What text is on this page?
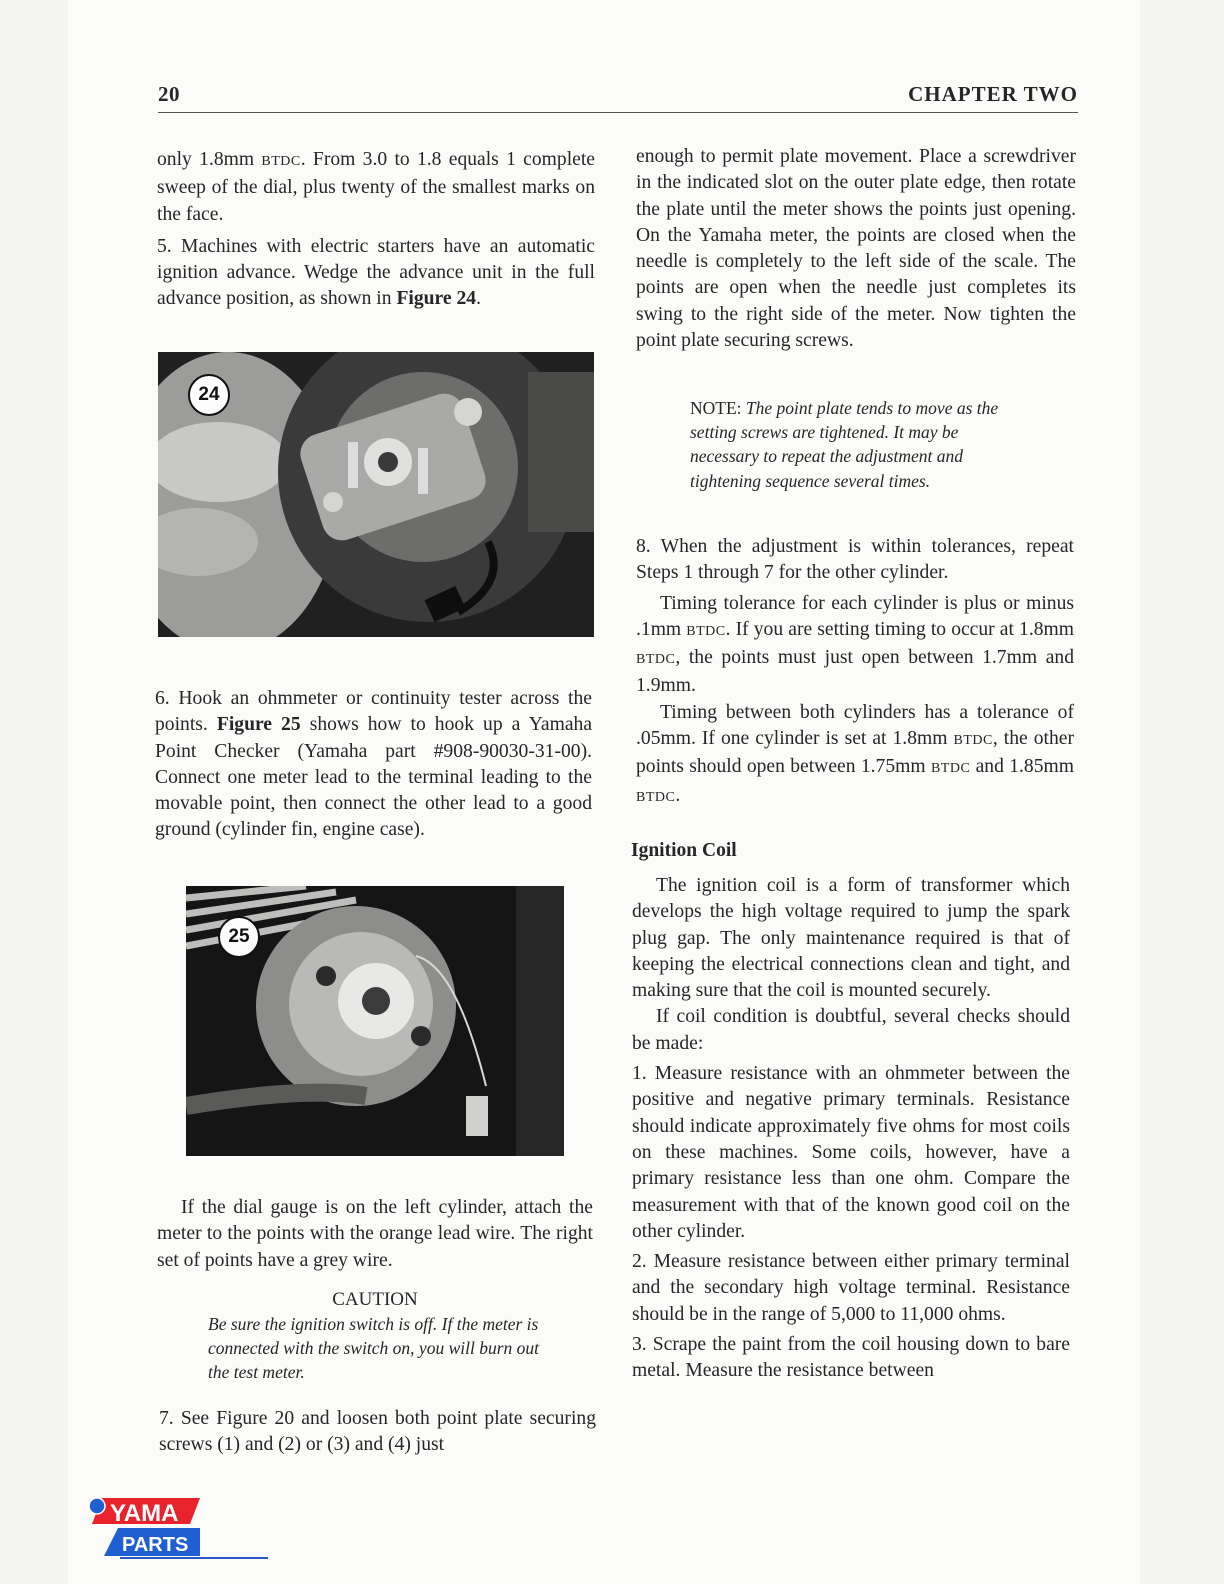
20	CHAPTER TWO

only 1.8mm BTDC. From 3.0 to 1.8 equals 1 complete sweep of the dial, plus twenty of the smallest marks on the face.

5. Machines with electric starters have an automatic ignition advance. Wedge the advance unit in the full advance position, as shown in Figure 24.

24

6. Hook an ohmmeter or continuity tester across the points. Figure 25 shows how to hook up a Yamaha Point Checker (Yamaha part #908-90030-31-00). Connect one meter lead to the terminal leading to the movable point, then connect the other lead to a good ground (cylinder fin, engine case).

25

If the dial gauge is on the left cylinder, attach the meter to the points with the orange lead wire. The right set of points have a grey wire.

CAUTION
Be sure the ignition switch is off. If the meter is connected with the switch on, you will burn out the test meter.

7. See Figure 20 and loosen both point plate securing screws (1) and (2) or (3) and (4) just

enough to permit plate movement. Place a screwdriver in the indicated slot on the outer plate edge, then rotate the plate until the meter shows the points just opening. On the Yamaha meter, the points are closed when the needle is completely to the left side of the scale. The points are open when the needle just completes its swing to the right side of the meter. Now tighten the point plate securing screws.

NOTE: The point plate tends to move as the setting screws are tightened. It may be necessary to repeat the adjustment and tightening sequence several times.

8. When the adjustment is within tolerances, repeat Steps 1 through 7 for the other cylinder.

Timing tolerance for each cylinder is plus or minus .1mm BTDC. If you are setting timing to occur at 1.8mm BTDC, the points must just open between 1.7mm and 1.9mm.

Timing between both cylinders has a tolerance of .05mm. If one cylinder is set at 1.8mm BTDC, the other points should open between 1.75mm BTDC and 1.85mm BTDC.

Ignition Coil

The ignition coil is a form of transformer which develops the high voltage required to jump the spark plug gap. The only maintenance required is that of keeping the electrical connections clean and tight, and making sure that the coil is mounted securely.

If coil condition is doubtful, several checks should be made:

1. Measure resistance with an ohmmeter between the positive and negative primary terminals. Resistance should indicate approximately five ohms for most coils on these machines. Some coils, however, have a primary resistance less than one ohm. Compare the measurement with that of the known good coil on the other cylinder.

2. Measure resistance between either primary terminal and the secondary high voltage terminal. Resistance should be in the range of 5,000 to 11,000 ohms.

3. Scrape the paint from the coil housing down to bare metal. Measure the resistance between

YAMA
PARTS
